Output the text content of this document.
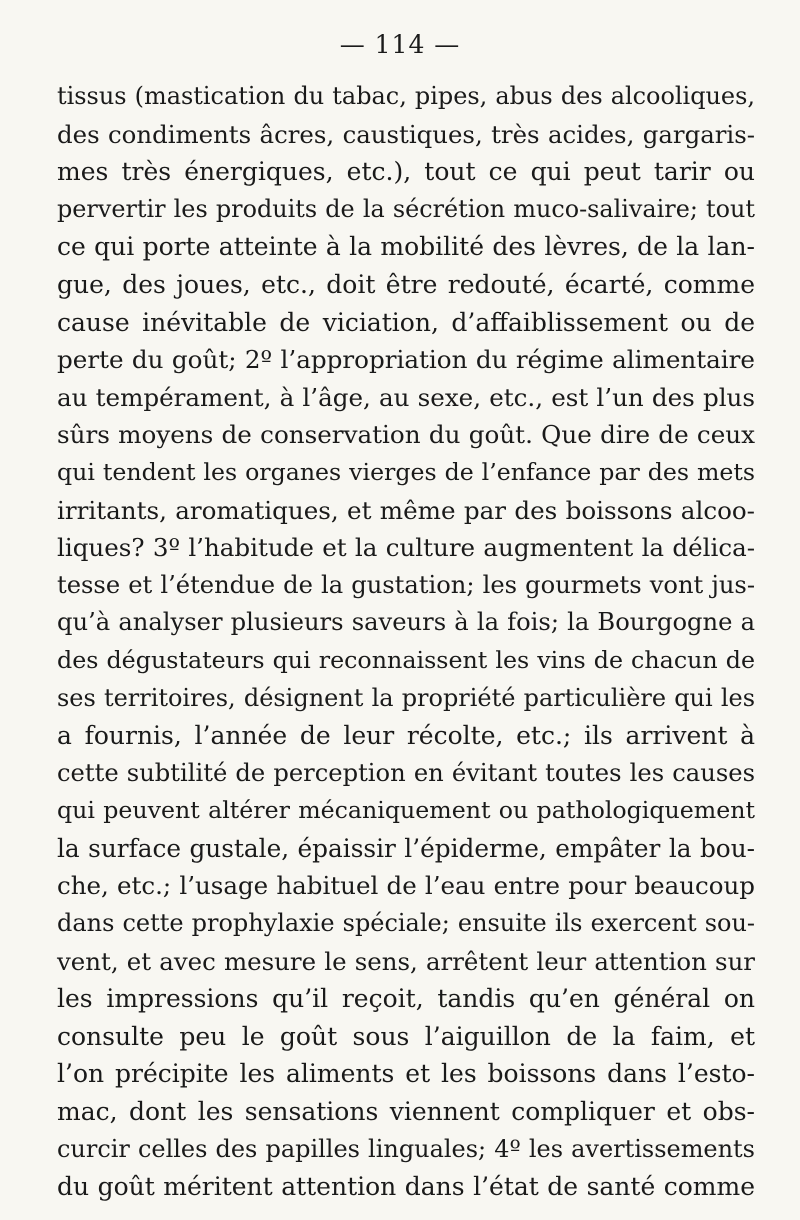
— 114 —
tissus (mastication du tabac, pipes, abus des alcooliques,
des condiments âcres, caustiques, très acides, gargaris-
mes très énergiques, etc.), tout ce qui peut tarir ou
pervertir les produits de la sécrétion muco-salivaire; tout
ce qui porte atteinte à la mobilité des lèvres, de la lan-
gue, des joues, etc., doit être redouté, écarté, comme
cause inévitable de viciation, d’affaiblissement ou de
perte du goût; 2º l’appropriation du régime alimentaire
au tempérament, à l’âge, au sexe, etc., est l’un des plus
sûrs moyens de conservation du goût. Que dire de ceux
qui tendent les organes vierges de l’enfance par des mets
irritants, aromatiques, et même par des boissons alcoo-
liques? 3º l’habitude et la culture augmentent la délica-
tesse et l’étendue de la gustation; les gourmets vont jus-
qu’à analyser plusieurs saveurs à la fois; la Bourgogne a
des dégustateurs qui reconnaissent les vins de chacun de
ses territoires, désignent la propriété particulière qui les
a fournis, l’année de leur récolte, etc.; ils arrivent à
cette subtilité de perception en évitant toutes les causes
qui peuvent altérer mécaniquement ou pathologiquement
la surface gustale, épaissir l’épiderme, empâter la bou-
che, etc.; l’usage habituel de l’eau entre pour beaucoup
dans cette prophylaxie spéciale; ensuite ils exercent sou-
vent, et avec mesure le sens, arrêtent leur attention sur
les impressions qu’il reçoit, tandis qu’en général on
consulte peu le goût sous l’aiguillon de la faim, et
l’on précipite les aliments et les boissons dans l’esto-
mac, dont les sensations viennent compliquer et obs-
curcir celles des papilles linguales; 4º les avertissements
du goût méritent attention dans l’état de santé comme
